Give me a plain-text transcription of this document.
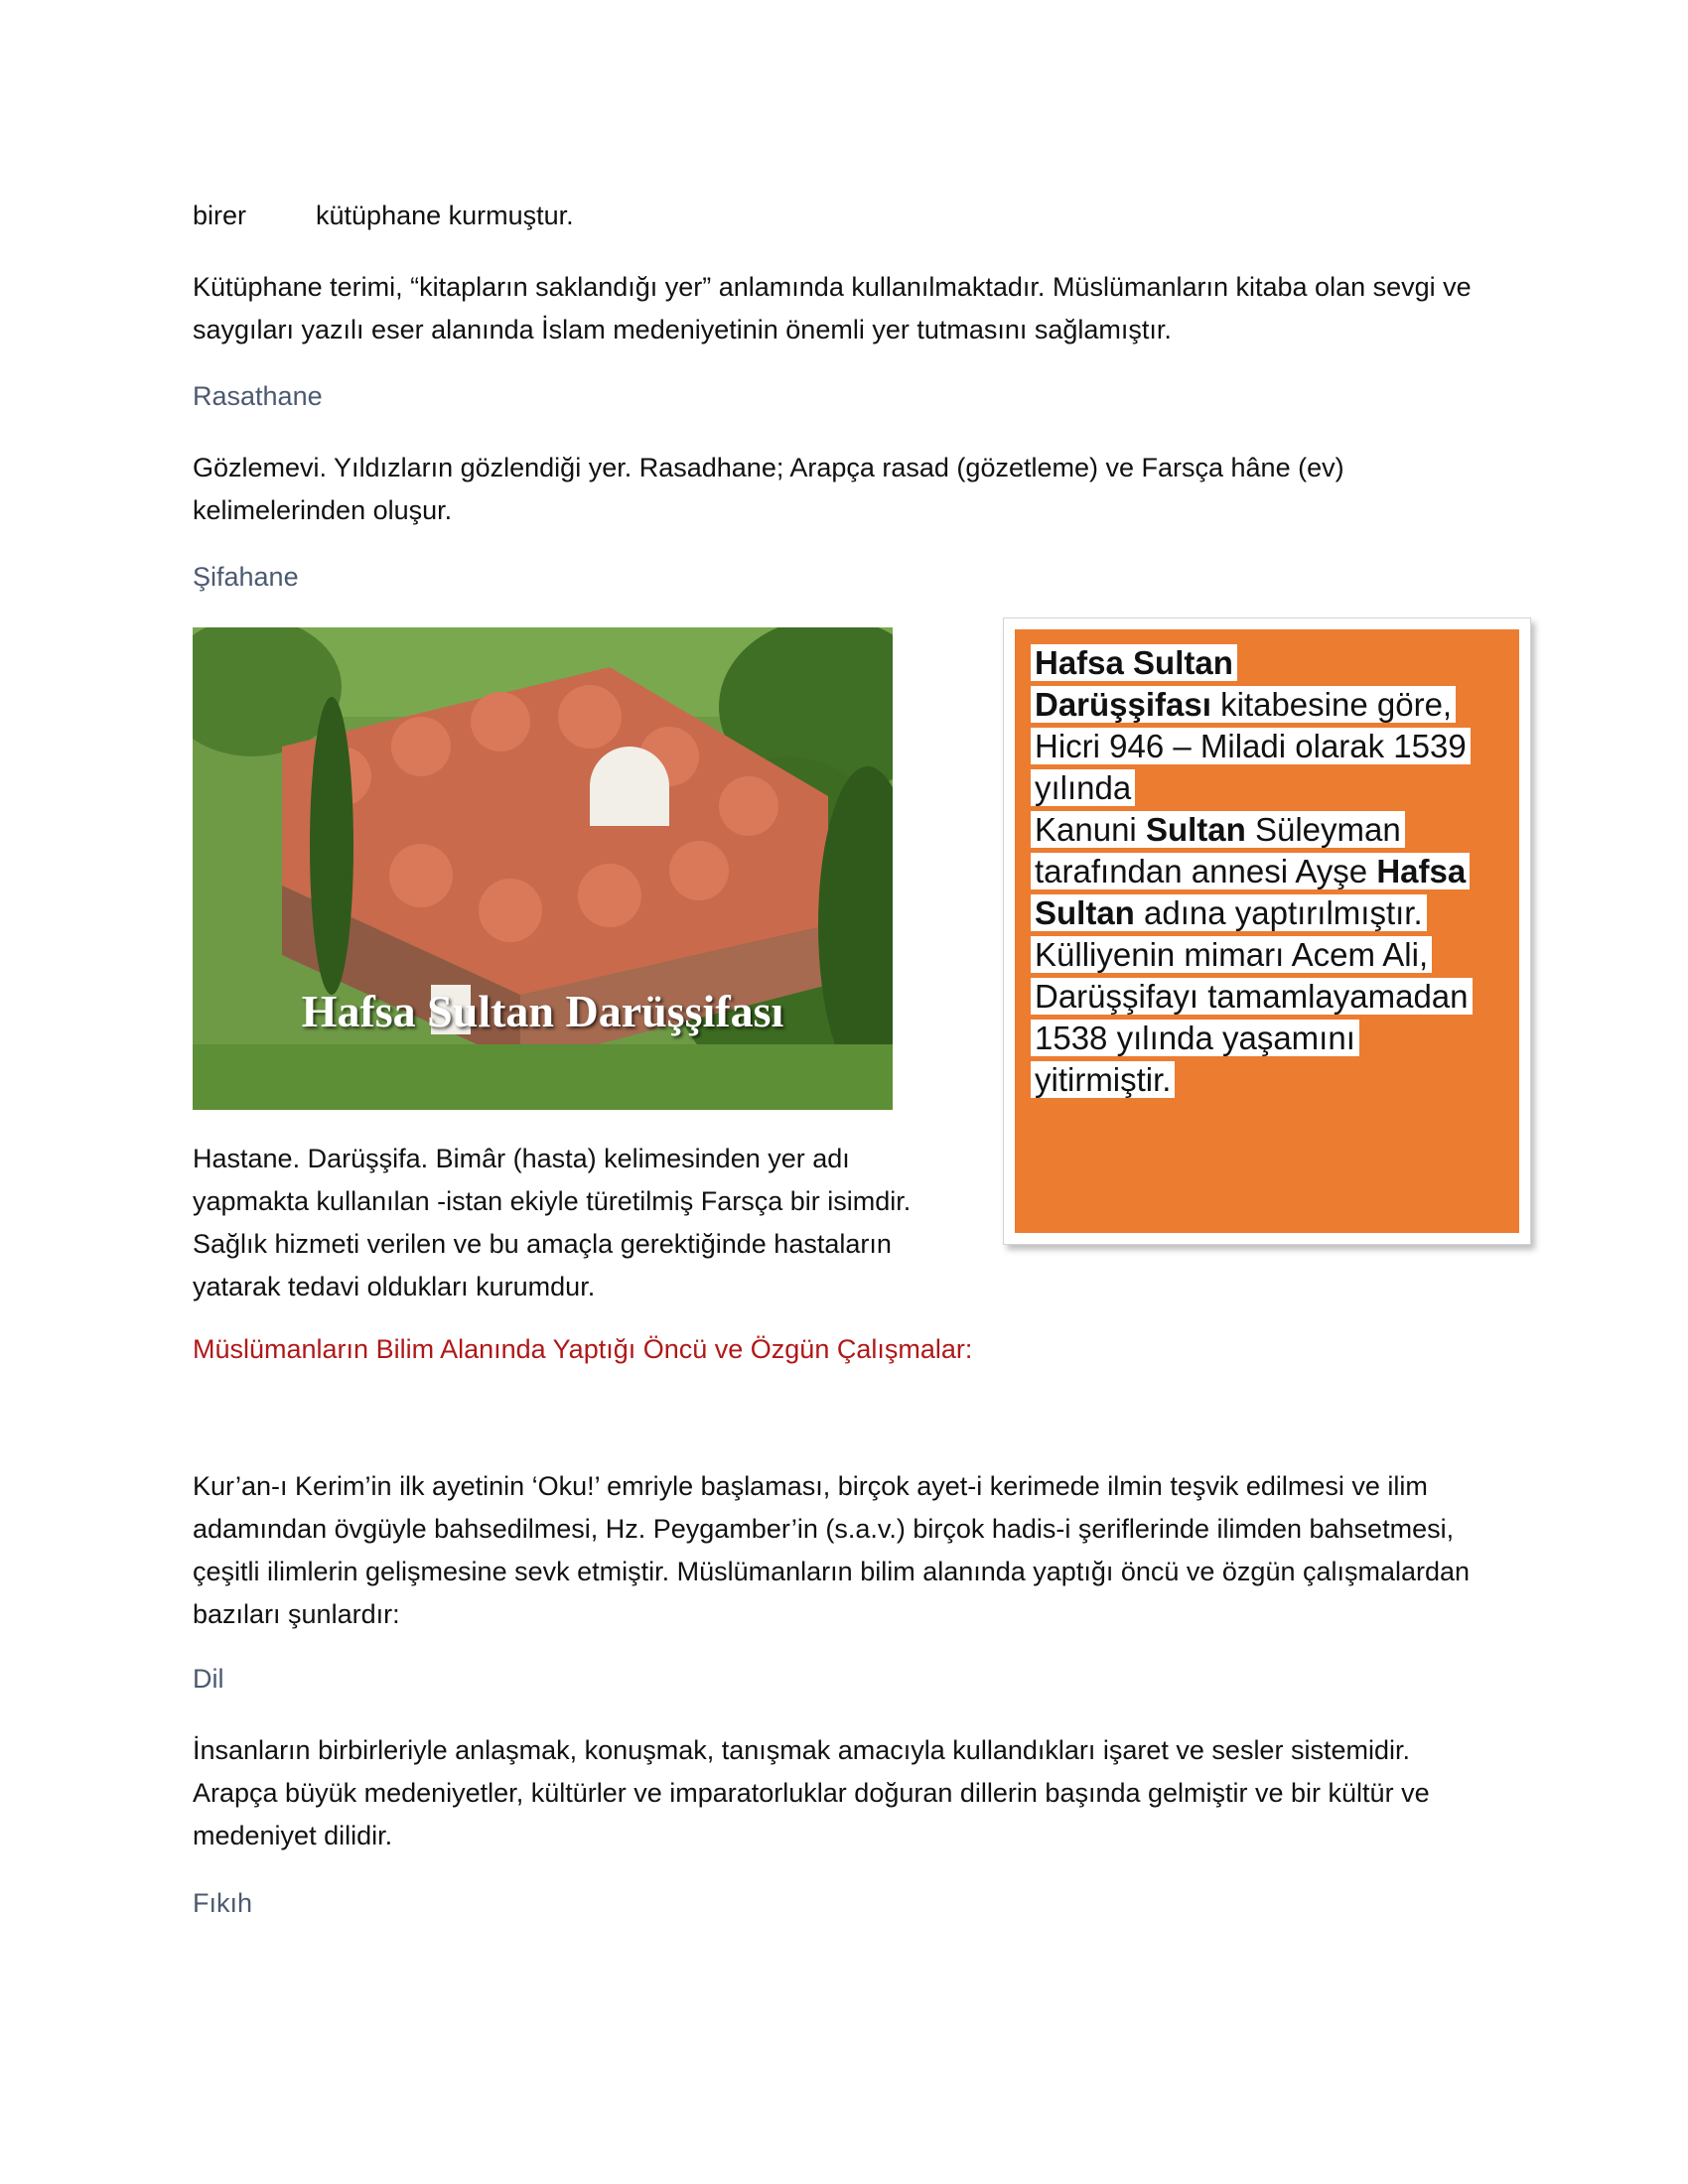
birer	kütüphane kurmuştur.

Kütüphane terimi, “kitapların saklandığı yer” anlamında kullanılmaktadır. Müslümanların kitaba olan sevgi ve saygıları yazılı eser alanında İslam medeniyetinin önemli yer tutmasını sağlamıştır.

Rasathane

Gözlemevi. Yıldızların gözlendiği yer. Rasadhane; Arapça rasad (gözetleme) ve Farsça hâne (ev) kelimelerinden oluşur.

Şifahane

Hafsa Sultan Darüşşifası
Hafsa Sultan
Darüşşifası kitabesine göre,
Hicri 946 – Miladi olarak 1539
yılında
Kanuni Sultan Süleyman
tarafından annesi Ayşe Hafsa
Sultan adına yaptırılmıştır.
Külliyenin mimarı Acem Ali,
Darüşşifayı tamamlayamadan
1538 yılında yaşamını
yitirmiştir.

Hastane. Darüşşifa. Bimâr (hasta) kelimesinden yer adı yapmakta kullanılan -istan ekiyle türetilmiş Farsça bir isimdir. Sağlık hizmeti verilen ve bu amaçla gerektiğinde hastaların yatarak tedavi oldukları kurumdur.

Müslümanların Bilim Alanında Yaptığı Öncü ve Özgün Çalışmalar:

Kur’an-ı Kerim’in ilk ayetinin ‘Oku!’ emriyle başlaması, birçok ayet-i kerimede ilmin teşvik edilmesi ve ilim adamından övgüyle bahsedilmesi, Hz. Peygamber’in (s.a.v.) birçok hadis-i şeriflerinde ilimden bahsetmesi, çeşitli ilimlerin gelişmesine sevk etmiştir. Müslümanların bilim alanında yaptığı öncü ve özgün çalışmalardan bazıları şunlardır:

Dil

İnsanların birbirleriyle anlaşmak, konuşmak, tanışmak amacıyla kullandıkları işaret ve sesler sistemidir. Arapça büyük medeniyetler, kültürler ve imparatorluklar doğuran dillerin başında gelmiştir ve bir kültür ve medeniyet dilidir.

Fıkıh
